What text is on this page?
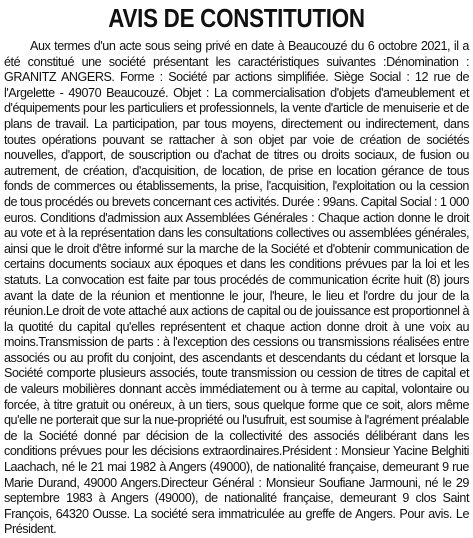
AVIS DE CONSTITUTION

Aux termes d'un acte sous seing privé en date à Beaucouzé du 6 octobre 2021, il a été constitué une société présentant les caractéristiques suivantes :Dénomination : GRANITZ ANGERS. Forme : Société par actions simplifiée. Siège Social : 12 rue de l'Argelette - 49070 Beaucouzé. Objet : La commercialisation d'objets d'ameublement et d'équipements pour les particuliers et professionnels, la vente d'article de menuiserie et de plans de travail. La participation, par tous moyens, directement ou indirectement, dans toutes opérations pouvant se rattacher à son objet par voie de création de sociétés nouvelles, d'apport, de souscription ou d'achat de titres ou droits sociaux, de fusion ou autrement, de création, d'acquisition, de location, de prise en location gérance de tous fonds de commerces ou établissements, la prise, l'acquisition, l'exploitation ou la cession de tous procédés ou brevets concernant ces activités. Durée : 99ans. Capital Social : 1 000 euros. Conditions d'admission aux Assemblées Générales : Chaque action donne le droit au vote et à la représentation dans les consultations collectives ou assemblées générales, ainsi que le droit d'être informé sur la marche de la Société et d'obtenir communication de certains documents sociaux aux époques et dans les conditions prévues par la loi et les statuts. La convocation est faite par tous procédés de communication écrite huit (8) jours avant la date de la réunion et mentionne le jour, l'heure, le lieu et l'ordre du jour de la réunion.Le droit de vote attaché aux actions de capital ou de jouissance est proportionnel à la quotité du capital qu'elles représentent et chaque action donne droit à une voix au moins.Transmission de parts : à l'exception des cessions ou transmissions réalisées entre associés ou au profit du conjoint, des ascendants et descendants du cédant et lorsque la Société comporte plusieurs associés, toute transmission ou cession de titres de capital et de valeurs mobilières donnant accès immédiatement ou à terme au capital, volontaire ou forcée, à titre gratuit ou onéreux, à un tiers, sous quelque forme que ce soit, alors même qu'elle ne porterait que sur la nue-propriété ou l'usufruit, est soumise à l'agrément préalable de la Société donné par décision de la collectivité des associés délibérant dans les conditions prévues pour les décisions extraordinaires.Président : Monsieur Yacine Belghiti Laachach, né le 21 mai 1982 à Angers (49000), de nationalité française, demeurant 9 rue Marie Durand, 49000 Angers.Directeur Général : Monsieur Soufiane Jarmouni, né le 29 septembre 1983 à Angers (49000), de nationalité française, demeurant 9 clos Saint François, 64320 Ousse. La société sera immatriculée au greffe de Angers. Pour avis. Le Président.
